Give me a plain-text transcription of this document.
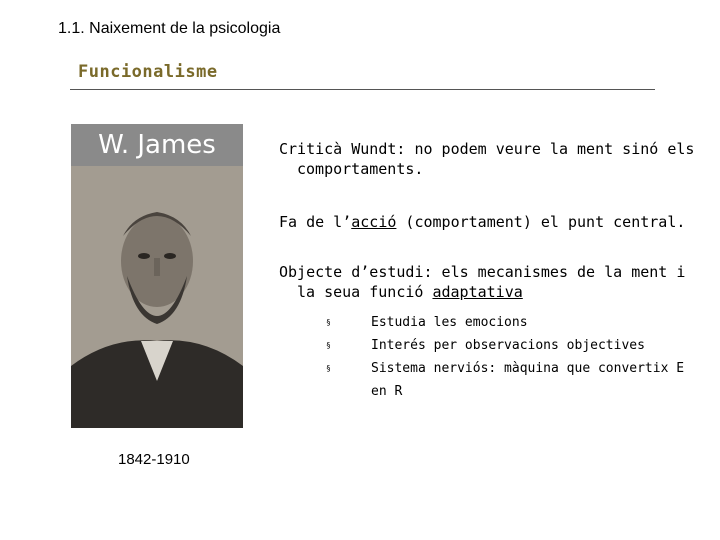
1.1. Naixement de la psicologia
Funcionalisme
W. James
1842-1910
Criticà Wundt: no podem veure la ment sinó els
comportaments.
Fa de l’acció (comportament) el punt central.
Objecte d’estudi: els mecanismes de la ment i
la seua funció adaptativa
§	Estudia les emocions
§	Interés per observacions objectives
§	Sistema nerviós: màquina que convertix E en R
